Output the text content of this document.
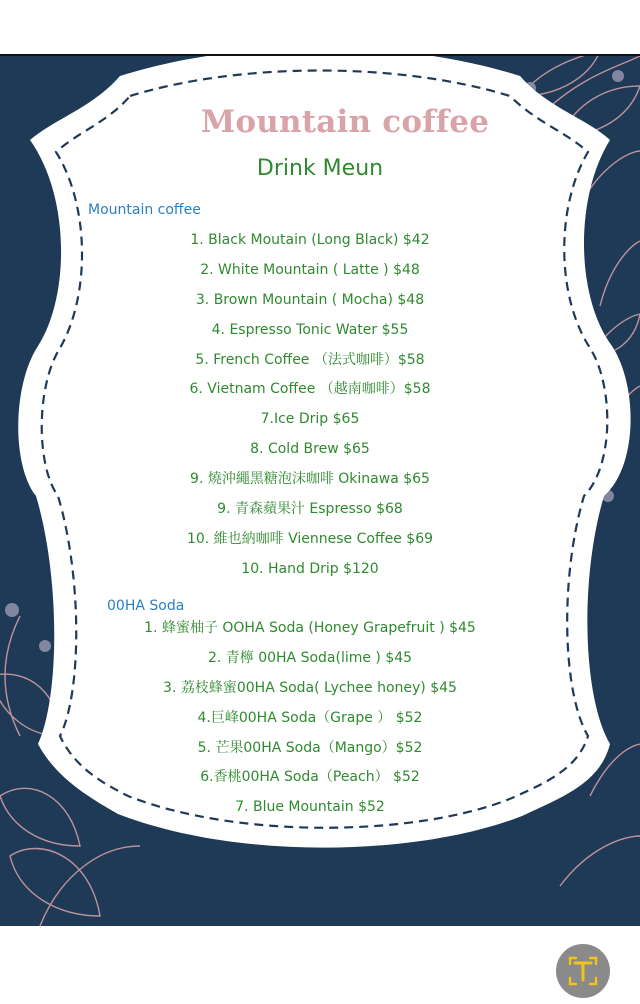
Mountain coffee
Drink Meun
Mountain coffee
1. Black Moutain (Long Black) $42
2. White Mountain ( Latte ) $48
3. Brown Mountain ( Mocha) $48
4. Espresso Tonic Water $55
5. French Coffee （法式咖啡）$58
6. Vietnam Coffee （越南咖啡）$58
7.Ice Drip $65
8. Cold Brew $65
9. 燒沖繩黑糖泡沫咖啡 Okinawa $65
9. 青森蘋果汁 Espresso $68
10. 維也納咖啡 Viennese Coffee $69
10. Hand Drip $120
00HA Soda
1. 蜂蜜柚子 OOHA Soda (Honey Grapefruit ) $45
2. 青檸 00HA Soda(lime ) $45
3. 荔枝蜂蜜00HA Soda( Lychee honey) $45
4.巨峰00HA Soda（Grape ） $52
5. 芒果00HA Soda（Mango）$52
6.香桃00HA Soda（Peach） $52
7. Blue Mountain $52
